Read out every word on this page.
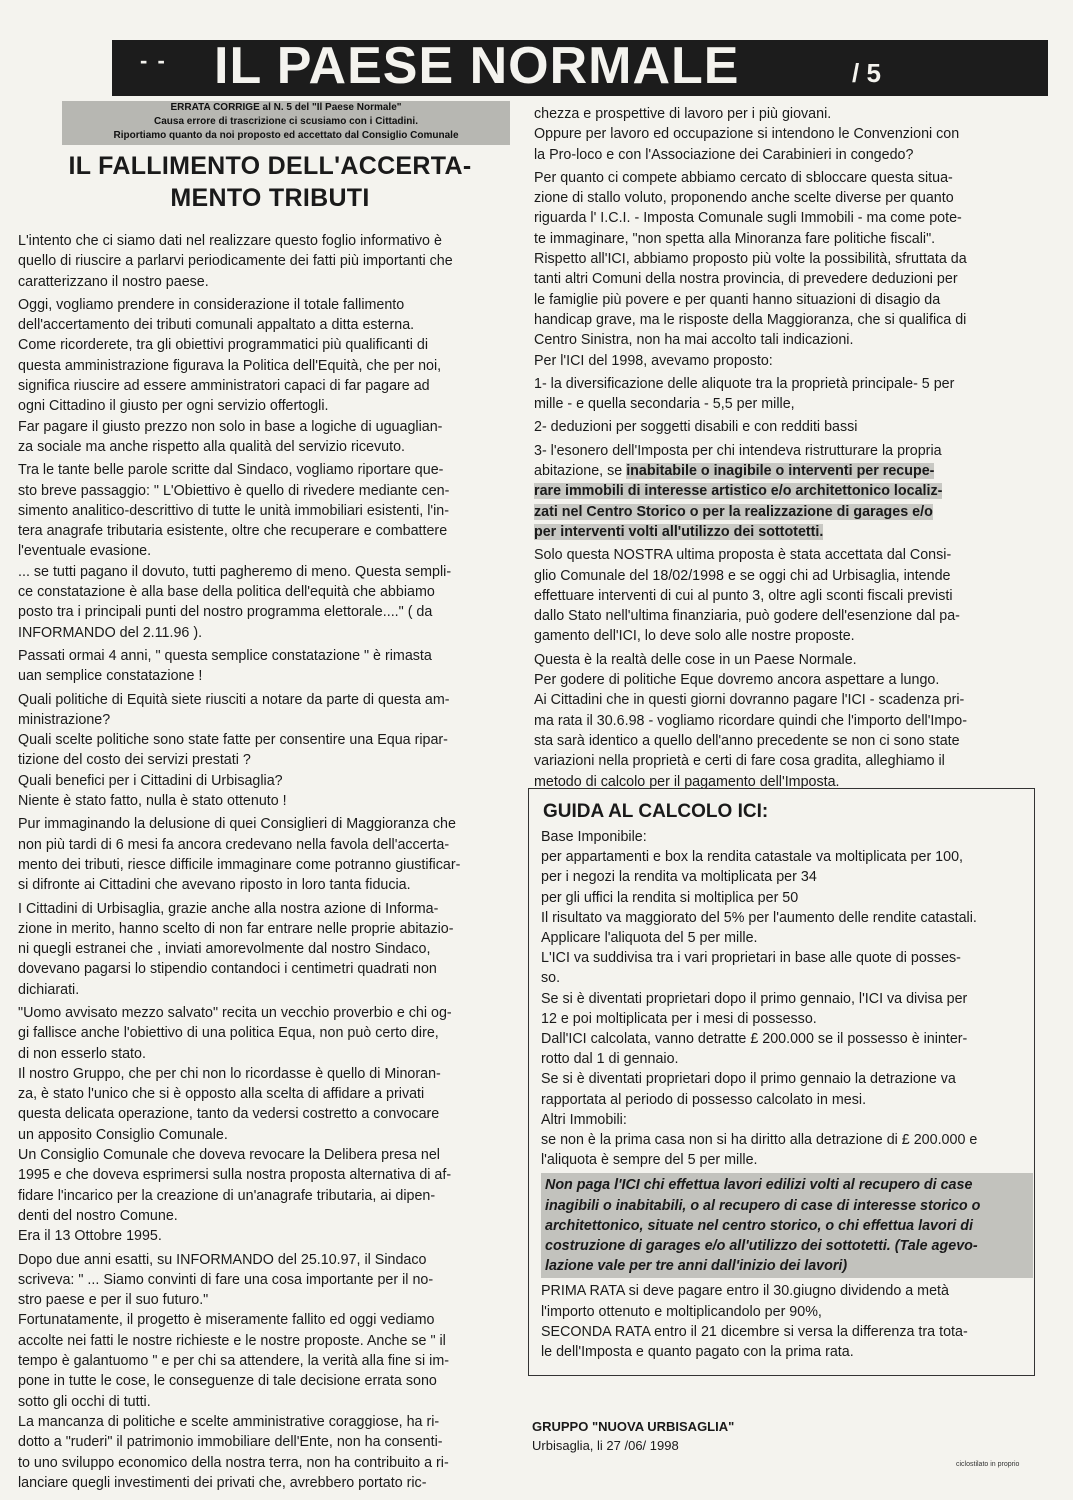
- - IL PAESE NORMALE	/ 5
ERRATA CORRIGE al N. 5 del "Il Paese Normale"
Causa errore di trascrizione ci scusiamo con i Cittadini.
Riportiamo quanto da noi proposto ed accettato dal Consiglio Comunale
IL FALLIMENTO DELL'ACCERTA-
MENTO TRIBUTI

L'intento che ci siamo dati nel realizzare questo foglio informativo è
quello di riuscire a parlarvi periodicamente dei fatti più importanti che
caratterizzano il nostro paese.

Oggi, vogliamo prendere in considerazione il totale fallimento
dell'accertamento dei tributi comunali appaltato a ditta esterna.
Come ricorderete, tra gli obiettivi programmatici più qualificanti di
questa amministrazione figurava la Politica dell'Equità, che per noi,
significa riuscire ad essere amministratori capaci di far pagare ad
ogni Cittadino il giusto per ogni servizio offertogli.
Far pagare il giusto prezzo non solo in base a logiche di uguaglian-
za sociale ma anche rispetto alla qualità del servizio ricevuto.

Tra le tante belle parole scritte dal Sindaco, vogliamo riportare que-
sto breve passaggio: " L'Obiettivo è quello di rivedere mediante cen-
simento analitico-descrittivo di tutte le unità immobiliari esistenti, l'in-
tera anagrafe tributaria esistente, oltre che recuperare e combattere
l'eventuale evasione.
... se tutti pagano il dovuto, tutti pagheremo di meno. Questa sempli-
ce constatazione è alla base della politica dell'equità che abbiamo
posto tra i principali punti del nostro programma elettorale...." ( da
INFORMANDO del 2.11.96 ).

Passati ormai 4 anni, " questa semplice constatazione " è rimasta
uan semplice constatazione !

Quali politiche di Equità siete riusciti a notare da parte di questa am-
ministrazione?
Quali scelte politiche sono state fatte per consentire una Equa ripar-
tizione del costo dei servizi prestati ?
Quali benefici per i Cittadini di Urbisaglia?
Niente è stato fatto, nulla è stato ottenuto !

Pur immaginando la delusione di quei Consiglieri di Maggioranza che
non più tardi di 6 mesi fa ancora credevano nella favola dell'accerta-
mento dei tributi, riesce difficile immaginare come potranno giustificar-
si difronte ai Cittadini che avevano riposto in loro tanta fiducia.

I Cittadini di Urbisaglia, grazie anche alla nostra azione di Informa-
zione in merito, hanno scelto di non far entrare nelle proprie abitazio-
ni quegli estranei che , inviati amorevolmente dal nostro Sindaco,
dovevano pagarsi lo stipendio contandoci i centimetri quadrati non
dichiarati.

"Uomo avvisato mezzo salvato" recita un vecchio proverbio e chi og-
gi fallisce anche l'obiettivo di una politica Equa, non può certo dire,
di non esserlo stato.
Il nostro Gruppo, che per chi non lo ricordasse è quello di Minoran-
za, è stato l'unico che si è opposto alla scelta di affidare a privati
questa delicata operazione, tanto da vedersi costretto a convocare
un apposito Consiglio Comunale.
Un Consiglio Comunale che doveva revocare la Delibera presa nel
1995 e che doveva esprimersi sulla nostra proposta alternativa di af-
fidare l'incarico per la creazione di un'anagrafe tributaria, ai dipen-
denti del nostro Comune.
Era il 13 Ottobre 1995.

Dopo due anni esatti, su INFORMANDO del 25.10.97, il Sindaco
scriveva: " ... Siamo convinti di fare una cosa importante per il no-
stro paese e per il suo futuro."
Fortunatamente, il progetto è miseramente fallito ed oggi vediamo
accolte nei fatti le nostre richieste e le nostre proposte. Anche se " il
tempo è galantuomo " e per chi sa attendere, la verità alla fine si im-
pone in tutte le cose, le conseguenze di tale decisione errata sono
sotto gli occhi di tutti.
La mancanza di politiche e scelte amministrative coraggiose, ha ri-
dotto a "ruderi" il patrimonio immobiliare dell'Ente, non ha consenti-
to uno sviluppo economico della nostra terra, non ha contribuito a ri-
lanciare quegli investimenti dei privati che, avrebbero portato ric-

chezza e prospettive di lavoro per i più giovani.
Oppure per lavoro ed occupazione si intendono le Convenzioni con
la Pro-loco e con l'Associazione dei Carabinieri in congedo?

Per quanto ci compete abbiamo cercato di sbloccare questa situa-
zione di stallo voluto, proponendo anche scelte diverse per quanto
riguarda l' I.C.I. - Imposta Comunale sugli Immobili - ma come pote-
te immaginare, "non spetta alla Minoranza fare politiche fiscali".
Rispetto all'ICI, abbiamo proposto più volte la possibilità, sfruttata da
tanti altri Comuni della nostra provincia, di prevedere deduzioni per
le famiglie più povere e per quanti hanno situazioni di disagio da
handicap grave, ma le risposte della Maggioranza, che si qualifica di
Centro Sinistra, non ha mai accolto tali indicazioni.
Per l'ICI del 1998, avevamo proposto:

1- la diversificazione delle aliquote tra la proprietà principale- 5 per
mille - e quella secondaria - 5,5 per mille,

2- deduzioni per soggetti disabili e con redditi bassi

3- l'esonero dell'Imposta per chi intendeva ristrutturare la propria
abitazione, se inabitabile o inagibile o interventi per recupe-
rare immobili di interesse artistico e/o architettonico localiz-
zati nel Centro Storico o per la realizzazione di garages e/o
per interventi volti all'utilizzo dei sottotetti.

Solo questa NOSTRA ultima proposta è stata accettata dal Consi-
glio Comunale del 18/02/1998 e se oggi chi ad Urbisaglia, intende
effettuare interventi di cui al punto 3, oltre agli sconti fiscali previsti
dallo Stato nell'ultima finanziaria, può godere dell'esenzione dal pa-
gamento dell'ICI, lo deve solo alle nostre proposte.

Questa è la realtà delle cose in un Paese Normale.
Per godere di politiche Eque dovremo ancora aspettare a lungo.
Ai Cittadini che in questi giorni dovranno pagare l'ICI - scadenza pri-
ma rata il 30.6.98 - vogliamo ricordare quindi che l'importo dell'Impo-
sta sarà identico a quello dell'anno precedente se non ci sono state
variazioni nella proprietà e certi di fare cosa gradita, alleghiamo il
metodo di calcolo per il pagamento dell'Imposta.

GUIDA AL CALCOLO ICI:

Base Imponibile:
per appartamenti e box la rendita catastale va moltiplicata per 100,
per i negozi la rendita va moltiplicata per 34
per gli uffici la rendita si moltiplica per 50
Il risultato va maggiorato del 5% per l'aumento delle rendite catastali.
Applicare l'aliquota del 5 per mille.
L'ICI va suddivisa tra i vari proprietari in base alle quote di posses-
so.
Se si è diventati proprietari dopo il primo gennaio, l'ICI va divisa per
12 e poi moltiplicata per i mesi di possesso.
Dall'ICI calcolata, vanno detratte £ 200.000 se il possesso è ininter-
rotto dal 1 di gennaio.
Se si è diventati proprietari dopo il primo gennaio la detrazione va
rapportata al periodo di possesso calcolato in mesi.
Altri Immobili:
se non è la prima casa non si ha diritto alla detrazione di £ 200.000 e
l'aliquota è sempre del 5 per mille.

Non paga l'ICI chi effettua lavori edilizi volti al recupero di case
inagibili o inabitabili, o al recupero di case di interesse storico o
architettonico, situate nel centro storico, o chi effettua lavori di
costruzione di garages e/o all'utilizzo dei sottotetti. (Tale agevo-
lazione vale per tre anni dall'inizio dei lavori)

PRIMA RATA si deve pagare entro il 30.giugno dividendo a metà
l'importo ottenuto e moltiplicandolo per 90%,
SECONDA RATA entro il 21 dicembre si versa la differenza tra tota-
le dell'Imposta e quanto pagato con la prima rata.

GRUPPO "NUOVA URBISAGLIA"
Urbisaglia, li 27 /06/ 1998
ciclostilato in proprio
